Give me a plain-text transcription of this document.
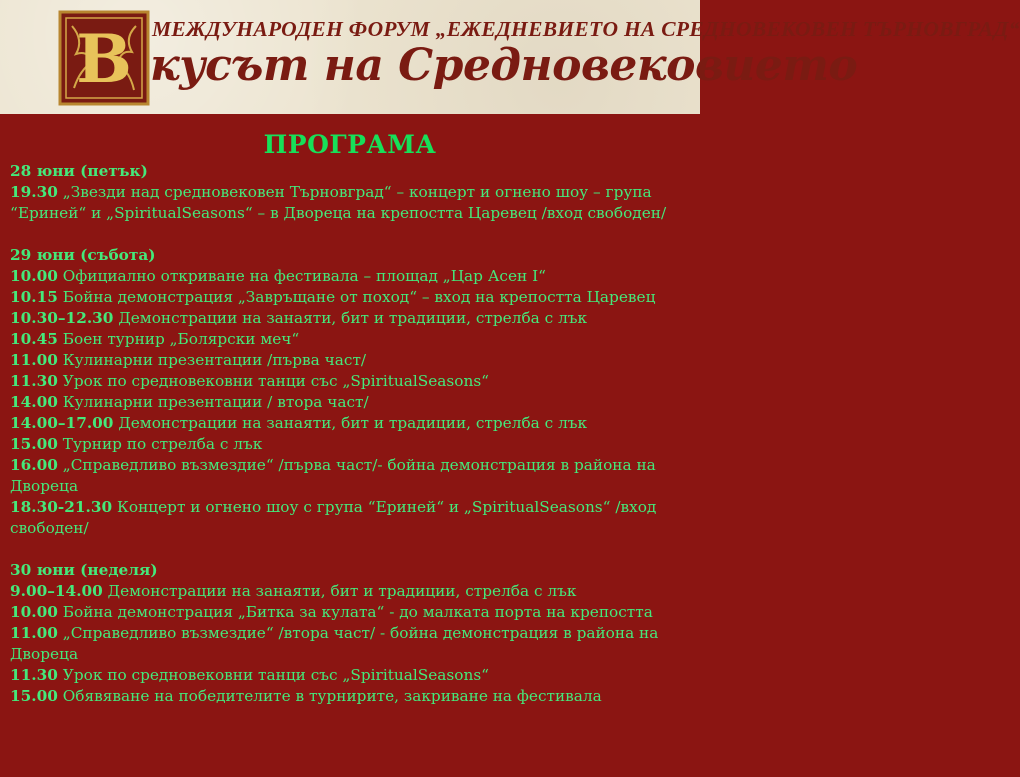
В МЕЖДУНАРОДЕН ФОРУМ „ЕЖЕДНЕВИЕТО НА СРЕДНОВЕКОВЕН ТЪРНОВГРАД“
кусът на Средновековието
ПРОГРАМА
28 юни (петък)
19.30 „Звезди над средновековен Търновград“ – концерт и огнено шоу – група “Ериней“ и „SpiritualSeasons“ – в Двореца на крепостта Царевец /вход свободен/
29 юни (събота)
10.00 Официално откриване на фестивала – площад „Цар Асен I“
10.15 Бойна демонстрация „Завръщане от поход“ – вход на крепостта Царевец
10.30–12.30 Демонстрации на занаяти, бит и традиции, стрелба с лък
10.45 Боен турнир „Болярски меч“
11.00 Кулинарни презентации /първа част/
11.30 Урок по средновековни танци със „SpiritualSeasons“
14.00 Кулинарни презентации / втора част/
14.00–17.00 Демонстрации на занаяти, бит и традиции, стрелба с лък
15.00 Турнир по стрелба с лък
16.00 „Справедливо възмездие“ /първа част/- бойна демонстрация в района на Двореца
18.30-21.30 Концерт и огнено шоу с група “Ериней“ и „SpiritualSeasons“ /вход свободен/
30 юни (неделя)
9.00–14.00 Демонстрации на занаяти, бит и традиции, стрелба с лък
10.00 Бойна демонстрация „Битка за кулата“ - до малката порта на крепостта
11.00 „Справедливо възмездие“ /втора част/ - бойна демонстрация в района на Двореца
11.30 Урок по средновековни танци със „SpiritualSeasons“
15.00 Обявяване на победителите в турнирите, закриване на фестивала
